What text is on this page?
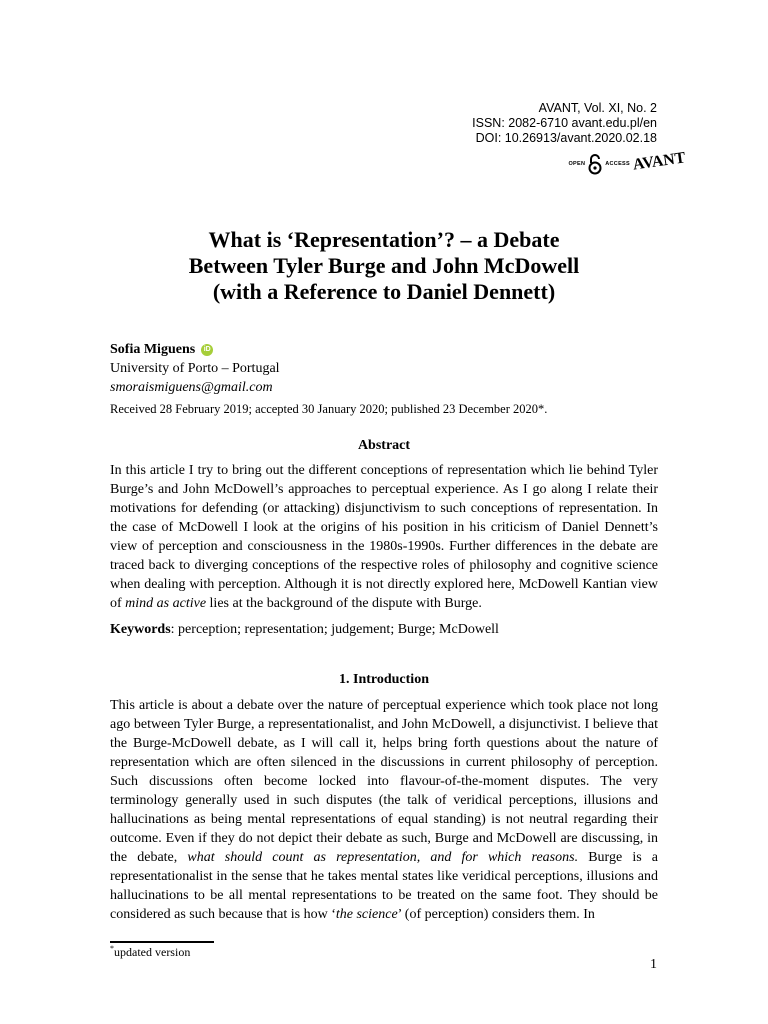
AVANT, Vol. XI, No. 2
ISSN: 2082-6710 avant.edu.pl/en
DOI: 10.26913/avant.2020.02.18
OPEN	ACCESS AVANT
What is ‘Representation’? – a Debate
Between Tyler Burge and John McDowell
(with a Reference to Daniel Dennett)
Sofia Miguens	iD
University of Porto – Portugal
smoraismiguens@gmail.com
Received 28 February 2019; accepted 30 January 2020; published 23 December 2020*.
Abstract
In this article I try to bring out the different conceptions of representation which lie behind Tyler Burge’s and John McDowell’s approaches to perceptual experience. As I go along I relate their motivations for defending (or attacking) disjunctivism to such conceptions of representation. In the case of McDowell I look at the origins of his position in his criticism of Daniel Dennett’s view of perception and consciousness in the 1980s-1990s. Further differences in the debate are traced back to diverging conceptions of the respective roles of philosophy and cognitive science when dealing with perception. Although it is not directly explored here, McDowell Kantian view of mind as active lies at the background of the dispute with Burge.
Keywords: perception; representation; judgement; Burge; McDowell
1. Introduction
This article is about a debate over the nature of perceptual experience which took place not long ago between Tyler Burge, a representationalist, and John McDowell, a disjunctivist. I believe that the Burge-McDowell debate, as I will call it, helps bring forth questions about the nature of representation which are often silenced in the discussions in current philosophy of perception. Such discussions often become locked into flavour-of-the-moment disputes. The very terminology generally used in such disputes (the talk of veridical perceptions, illusions and hallucinations as being mental representations of equal standing) is not neutral regarding their outcome. Even if they do not depict their debate as such, Burge and McDowell are discussing, in the debate, what should count as representation, and for which reasons. Burge is a representationalist in the sense that he takes mental states like veridical perceptions, illusions and hallucinations to be all mental representations to be treated on the same foot. They should be considered as such because that is how ‘the science’ (of perception) considers them. In
*updated version
1
